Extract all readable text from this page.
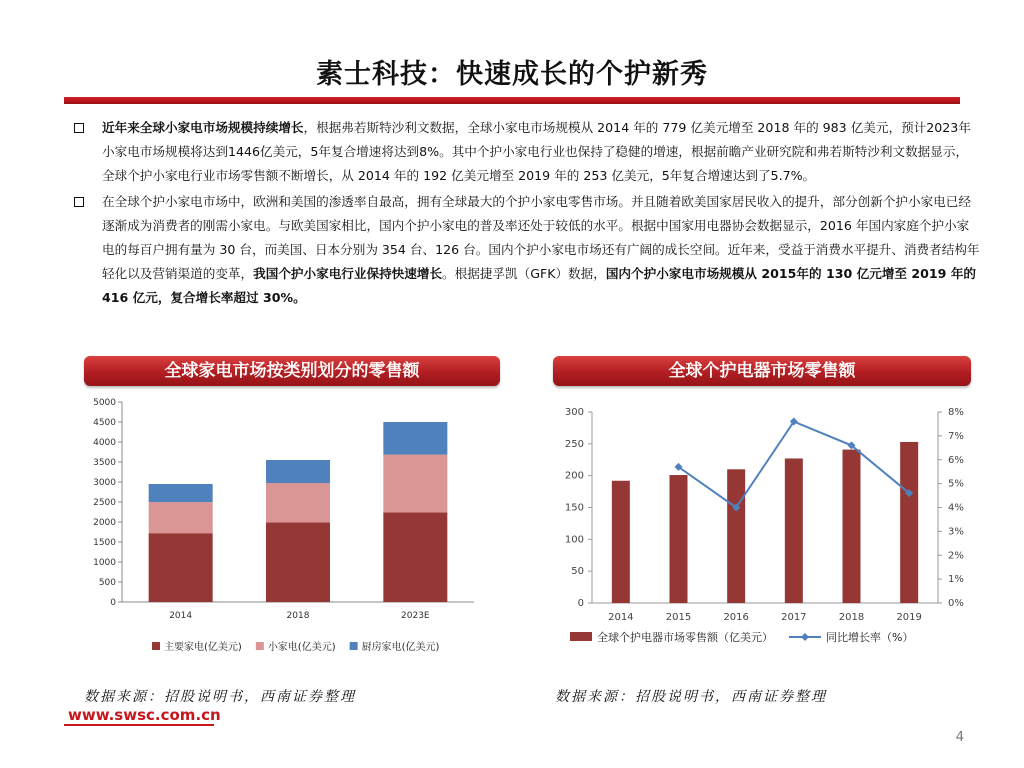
素士科技：快速成长的个护新秀
近年来全球小家电市场规模持续增长，根据弗若斯特沙利文数据，全球小家电市场规模从 2014 年的 779 亿美元增至 2018 年的 983 亿美元，预计2023年小家电市场规模将达到1446亿美元，5年复合增速将达到8%。其中个护小家电行业也保持了稳健的增速，根据前瞻产业研究院和弗若斯特沙利文数据显示，全球个护小家电行业市场零售额不断增长，从 2014 年的 192 亿美元增至 2019 年的 253 亿美元，5年复合增速达到了5.7%。
在全球个护小家电市场中，欧洲和美国的渗透率自最高，拥有全球最大的个护小家电零售市场。并且随着欧美国家居民收入的提升，部分创新个护小家电已经逐渐成为消费者的刚需小家电。与欧美国家相比，国内个护小家电的普及率还处于较低的水平。根据中国家用电器协会数据显示，2016 年国内家庭个护小家电的每百户拥有量为 30 台，而美国、日本分别为 354 台、126 台。国内个护小家电市场还有广阔的成长空间。近年来，受益于消费水平提升、消费者结构年轻化以及营销渠道的变革，我国个护小家电行业保持快速增长。根据捷孚凯（GFK）数据，国内个护小家电市场规模从 2015年的 130 亿元增至 2019 年的 416 亿元，复合增长率超过 30%。
全球家电市场按类别划分的零售额	全球个护电器市场零售额
0
500
1000
1500
2000
2500
3000
3500
4000
4500
5000
2014	2018	2023E
主要家电(亿美元)	小家电(亿美元)	厨房家电(亿美元)
0
50
100
150
200
250
300
0%
1%
2%
3%
4%
5%
6%
7%
8%
2014	2015	2016	2017	2018	2019
全球个护电器市场零售额（亿美元）	同比增长率（%）
数据来源：招股说明书，西南证券整理	数据来源：招股说明书，西南证券整理
www.swsc.com.cn
4
